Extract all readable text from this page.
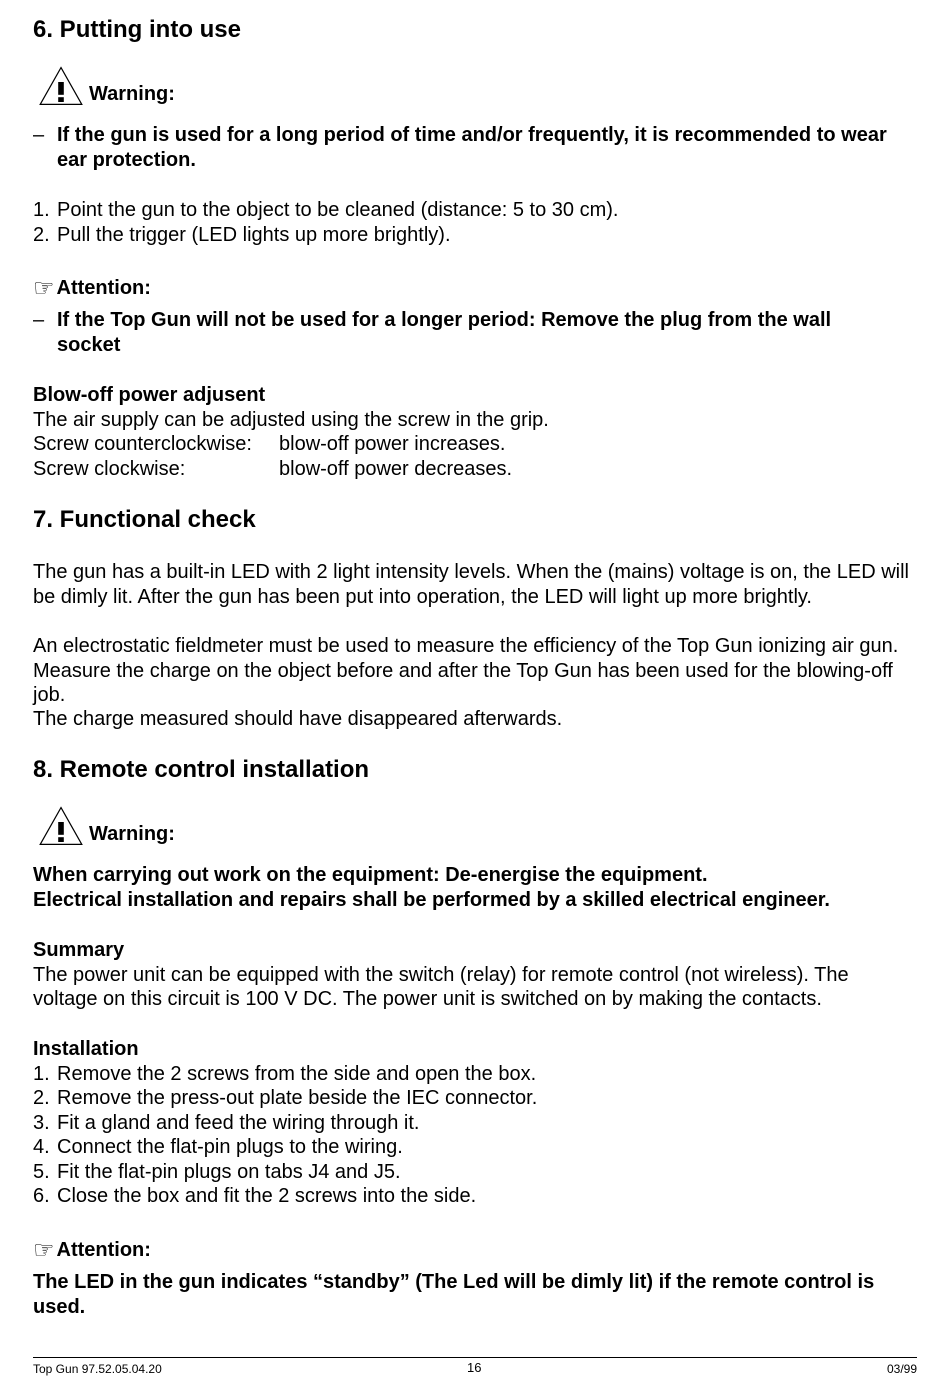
6. Putting into use
Warning:
– If the gun is used for a long period of time and/or frequently, it is recommended to wear ear protection.
1. Point the gun to the object to be cleaned (distance: 5 to 30 cm).
2. Pull the trigger (LED lights up more brightly).
☞ Attention:
– If the Top Gun will not be used for a longer period: Remove the plug from the wall socket
Blow-off power adjusent
The air supply can be adjusted using the screw in the grip.
Screw counterclockwise:	blow-off power increases.
Screw clockwise:	blow-off power decreases.
7. Functional check
The gun has a built-in LED with 2 light intensity levels. When the (mains) voltage is on, the LED will be dimly lit. After the gun has been put into operation, the LED will light up more brightly.
An electrostatic fieldmeter must be used to measure the efficiency of the Top Gun ionizing air gun. Measure the charge on the object before and after the Top Gun has been used for the blowing-off job.
The charge measured should have disappeared afterwards.
8. Remote control installation
Warning:
When carrying out work on the equipment: De-energise the equipment.
Electrical installation and repairs shall be performed by a skilled electrical engineer.
Summary
The power unit can be equipped with the switch (relay) for remote control (not wireless). The voltage on this circuit is 100 V DC. The power unit is switched on by making the contacts.
Installation
1. Remove the 2 screws from the side and open the box.
2. Remove the press-out plate beside the IEC connector.
3. Fit a gland and feed the wiring through it.
4. Connect the flat-pin plugs to the wiring.
5. Fit the flat-pin plugs on tabs J4 and J5.
6. Close the box and fit the 2 screws into the side.
☞ Attention:
The LED in the gun indicates “standby” (The Led will be dimly lit) if the remote control is used.
Top Gun 97.52.05.04.20	16	03/99
